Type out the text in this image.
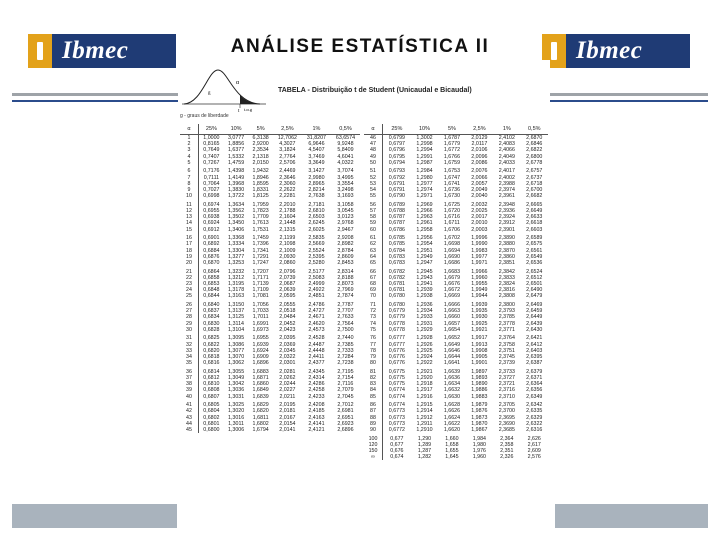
Ibmec	ANÁLISE ESTATÍSTICA II	Ibmec
α
t
g
t.α.g
TABELA - Distribuição t de Student (Unicaudal e Bicaudal)
g - graus de liberdade
α	25%	10%	5%	2,5%	1%	0,5%
1	1,0000	3,0777	6,3138	12,7062	31,8207	63,6574
2	0,8165	1,8856	2,9200	4,3027	6,9646	9,9248
3	0,7649	1,6377	2,3534	3,1824	4,5407	5,8409
4	0,7407	1,5332	2,1318	2,7764	3,7469	4,6041
5	0,7267	1,4759	2,0150	2,5706	3,3649	4,0322
6	0,7176	1,4398	1,9432	2,4469	3,1427	3,7074
7	0,7111	1,4149	1,8946	2,3646	2,9980	3,4995
8	0,7064	1,3968	1,8595	2,3060	2,8965	3,3554
9	0,7027	1,3830	1,8331	2,2622	2,8214	3,2498
10	0,6998	1,3722	1,8125	2,2281	2,7638	3,1693
11	0,6974	1,3634	1,7959	2,2010	2,7181	3,1058
12	0,6955	1,3562	1,7823	2,1788	2,6810	3,0545
13	0,6938	1,3502	1,7709	2,1604	2,6503	3,0123
14	0,6924	1,3450	1,7613	2,1448	2,6245	2,9768
15	0,6912	1,3406	1,7531	2,1315	2,6025	2,9467
16	0,6901	1,3368	1,7459	2,1199	2,5835	2,9208
17	0,6892	1,3334	1,7396	2,1098	2,5669	2,8982
18	0,6884	1,3304	1,7341	2,1009	2,5524	2,8784
19	0,6876	1,3277	1,7291	2,0930	2,5395	2,8609
20	0,6870	1,3253	1,7247	2,0860	2,5280	2,8453
21	0,6864	1,3232	1,7207	2,0796	2,5177	2,8314
22	0,6858	1,3212	1,7171	2,0739	2,5083	2,8188
23	0,6853	1,3195	1,7139	2,0687	2,4999	2,8073
24	0,6848	1,3178	1,7109	2,0639	2,4922	2,7969
25	0,6844	1,3163	1,7081	2,0595	2,4851	2,7874
26	0,6840	1,3150	1,7056	2,0555	2,4786	2,7787
27	0,6837	1,3137	1,7033	2,0518	2,4727	2,7707
28	0,6834	1,3125	1,7011	2,0484	2,4671	2,7633
29	0,6830	1,3114	1,6991	2,0452	2,4620	2,7564
30	0,6828	1,3104	1,6973	2,0423	2,4573	2,7500
31	0,6825	1,3095	1,6955	2,0395	2,4528	2,7440
32	0,6822	1,3086	1,6939	2,0369	2,4487	2,7385
33	0,6820	1,3077	1,6924	2,0345	2,4448	2,7333
34	0,6818	1,3070	1,6909	2,0322	2,4411	2,7284
35	0,6816	1,3062	1,6896	2,0301	2,4377	2,7238
36	0,6814	1,3055	1,6883	2,0281	2,4345	2,7195
37	0,6812	1,3049	1,6871	2,0262	2,4314	2,7154
38	0,6810	1,3042	1,6860	2,0244	2,4286	2,7116
39	0,6808	1,3036	1,6849	2,0227	2,4258	2,7079
40	0,6807	1,3031	1,6839	2,0211	2,4233	2,7045
41	0,6805	1,3025	1,6829	2,0195	2,4208	2,7012
42	0,6804	1,3020	1,6820	2,0181	2,4185	2,6981
43	0,6802	1,3016	1,6811	2,0167	2,4163	2,6951
44	0,6801	1,3011	1,6802	2,0154	2,4141	2,6923
45	0,6800	1,3006	1,6794	2,0141	2,4121	2,6896
α	25%	10%	5%	2,5%	1%	0,5%
46	0,6799	1,3002	1,6787	2,0129	2,4102	2,6870
47	0,6797	1,2998	1,6779	2,0117	2,4083	2,6846
48	0,6796	1,2994	1,6772	2,0106	2,4066	2,6822
49	0,6795	1,2991	1,6766	2,0096	2,4049	2,6800
50	0,6794	1,2987	1,6759	2,0086	2,4033	2,6778
51	0,6793	1,2984	1,6753	2,0076	2,4017	2,6757
52	0,6792	1,2980	1,6747	2,0066	2,4002	2,6737
53	0,6791	1,2977	1,6741	2,0057	2,3988	2,6718
54	0,6791	1,2974	1,6736	2,0049	2,3974	2,6700
55	0,6790	1,2971	1,6730	2,0040	2,3961	2,6682
56	0,6789	1,2969	1,6725	2,0032	2,3948	2,6665
57	0,6788	1,2966	1,6720	2,0025	2,3936	2,6649
58	0,6787	1,2963	1,6716	2,0017	2,3924	2,6633
59	0,6787	1,2961	1,6711	2,0010	2,3912	2,6618
60	0,6786	1,2958	1,6706	2,0003	2,3901	2,6603
61	0,6785	1,2956	1,6702	1,9996	2,3890	2,6589
62	0,6785	1,2954	1,6698	1,9990	2,3880	2,6575
63	0,6784	1,2951	1,6694	1,9983	2,3870	2,6561
64	0,6783	1,2949	1,6690	1,9977	2,3860	2,6549
65	0,6783	1,2947	1,6686	1,9971	2,3851	2,6536
66	0,6782	1,2945	1,6683	1,9966	2,3842	2,6524
67	0,6782	1,2943	1,6679	1,9960	2,3833	2,6512
68	0,6781	1,2941	1,6676	1,9955	2,3824	2,6501
69	0,6781	1,2939	1,6672	1,9949	2,3816	2,6490
70	0,6780	1,2938	1,6669	1,9944	2,3808	2,6479
71	0,6780	1,2936	1,6666	1,9939	2,3800	2,6469
72	0,6779	1,2934	1,6663	1,9935	2,3793	2,6459
73	0,6779	1,2933	1,6660	1,9930	2,3785	2,6449
74	0,6778	1,2931	1,6657	1,9925	2,3778	2,6439
75	0,6778	1,2929	1,6654	1,9921	2,3771	2,6430
76	0,6777	1,2928	1,6652	1,9917	2,3764	2,6421
77	0,6777	1,2926	1,6649	1,9913	2,3758	2,6412
78	0,6776	1,2925	1,6646	1,9908	2,3751	2,6403
79	0,6776	1,2924	1,6644	1,9905	2,3745	2,6395
80	0,6776	1,2922	1,6641	1,9901	2,3739	2,6387
81	0,6775	1,2921	1,6639	1,9897	2,3733	2,6379
82	0,6775	1,2920	1,6636	1,9893	2,3727	2,6371
83	0,6775	1,2918	1,6634	1,9890	2,3721	2,6364
84	0,6774	1,2917	1,6632	1,9886	2,3716	2,6356
85	0,6774	1,2916	1,6630	1,9883	2,3710	2,6349
86	0,6774	1,2915	1,6628	1,9879	2,3705	2,6342
87	0,6773	1,2914	1,6626	1,9876	2,3700	2,6335
88	0,6773	1,2912	1,6624	1,9873	2,3695	2,6329
89	0,6773	1,2911	1,6622	1,9870	2,3690	2,6322
90	0,6772	1,2910	1,6620	1,9867	2,3685	2,6316
100	0,677	1,290	1,660	1,984	2,364	2,626
120	0,677	1,289	1,658	1,980	2,358	2,617
150	0,676	1,287	1,655	1,976	2,351	2,609
∞	0,674	1,282	1,645	1,960	2,326	2,576
